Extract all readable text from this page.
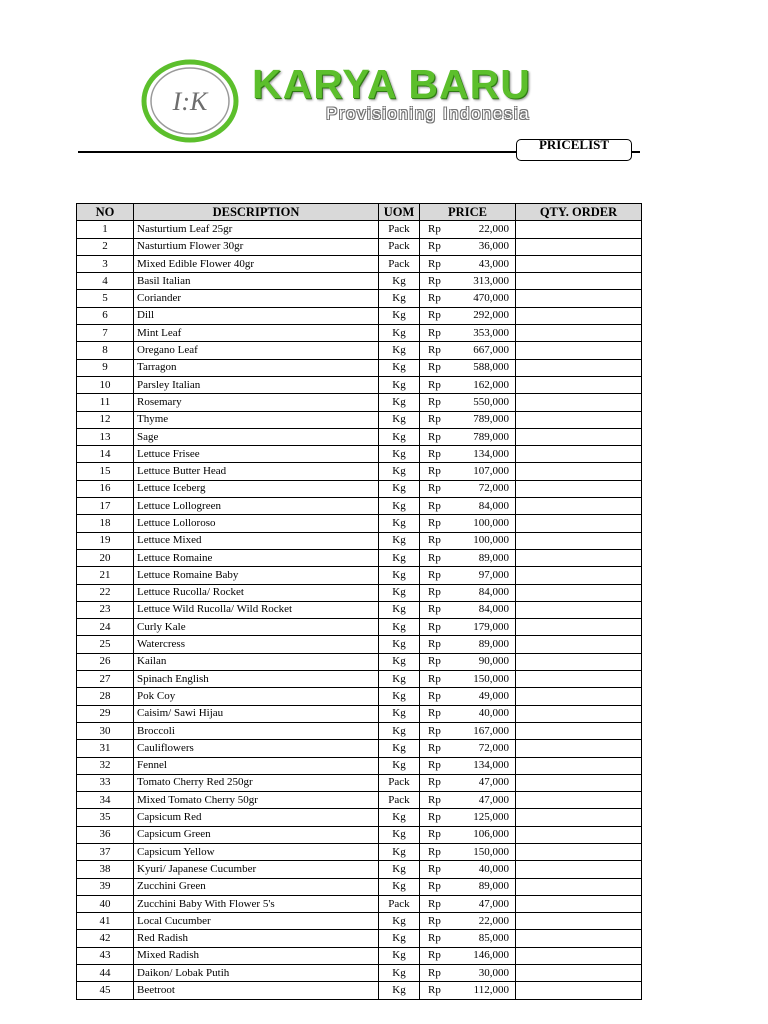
I:K KARYA BARU
Provisioning Indonesia
PRICELIST
NO	DESCRIPTION	UOM	PRICE	QTY. ORDER
1	Nasturtium Leaf 25gr	Pack	Rp 22,000	

2	Nasturtium Flower 30gr	Pack	Rp 36,000	

3	Mixed Edible Flower 40gr	Pack	Rp 43,000	

4	Basil Italian	Kg	Rp 313,000	

5	Coriander	Kg	Rp 470,000	

6	Dill	Kg	Rp 292,000	

7	Mint Leaf	Kg	Rp 353,000	

8	Oregano Leaf	Kg	Rp 667,000	

9	Tarragon	Kg	Rp 588,000	

10	Parsley Italian	Kg	Rp 162,000	

11	Rosemary	Kg	Rp 550,000	

12	Thyme	Kg	Rp 789,000	

13	Sage	Kg	Rp 789,000	

14	Lettuce Frisee	Kg	Rp 134,000	

15	Lettuce Butter Head	Kg	Rp 107,000	

16	Lettuce Iceberg	Kg	Rp 72,000	

17	Lettuce Lollogreen	Kg	Rp 84,000	

18	Lettuce Lolloroso	Kg	Rp 100,000	

19	Lettuce Mixed	Kg	Rp 100,000	

20	Lettuce Romaine	Kg	Rp 89,000	

21	Lettuce Romaine Baby	Kg	Rp 97,000	

22	Lettuce Rucolla/ Rocket	Kg	Rp 84,000	

23	Lettuce Wild Rucolla/ Wild Rocket	Kg	Rp 84,000	

24	Curly Kale	Kg	Rp 179,000	

25	Watercress	Kg	Rp 89,000	

26	Kailan	Kg	Rp 90,000	

27	Spinach English	Kg	Rp 150,000	

28	Pok Coy	Kg	Rp 49,000	

29	Caisim/ Sawi Hijau	Kg	Rp 40,000	

30	Broccoli	Kg	Rp 167,000	

31	Cauliflowers	Kg	Rp 72,000	

32	Fennel	Kg	Rp 134,000	

33	Tomato Cherry Red 250gr	Pack	Rp 47,000	

34	Mixed Tomato Cherry 50gr	Pack	Rp 47,000	

35	Capsicum Red	Kg	Rp 125,000	

36	Capsicum Green	Kg	Rp 106,000	

37	Capsicum Yellow	Kg	Rp 150,000	

38	Kyuri/ Japanese Cucumber	Kg	Rp 40,000	

39	Zucchini Green	Kg	Rp 89,000	

40	Zucchini Baby With Flower 5's	Pack	Rp 47,000	

41	Local Cucumber	Kg	Rp 22,000	

42	Red Radish	Kg	Rp 85,000	

43	Mixed Radish	Kg	Rp 146,000	

44	Daikon/ Lobak Putih	Kg	Rp 30,000	

45	Beetroot	Kg	Rp 112,000	
